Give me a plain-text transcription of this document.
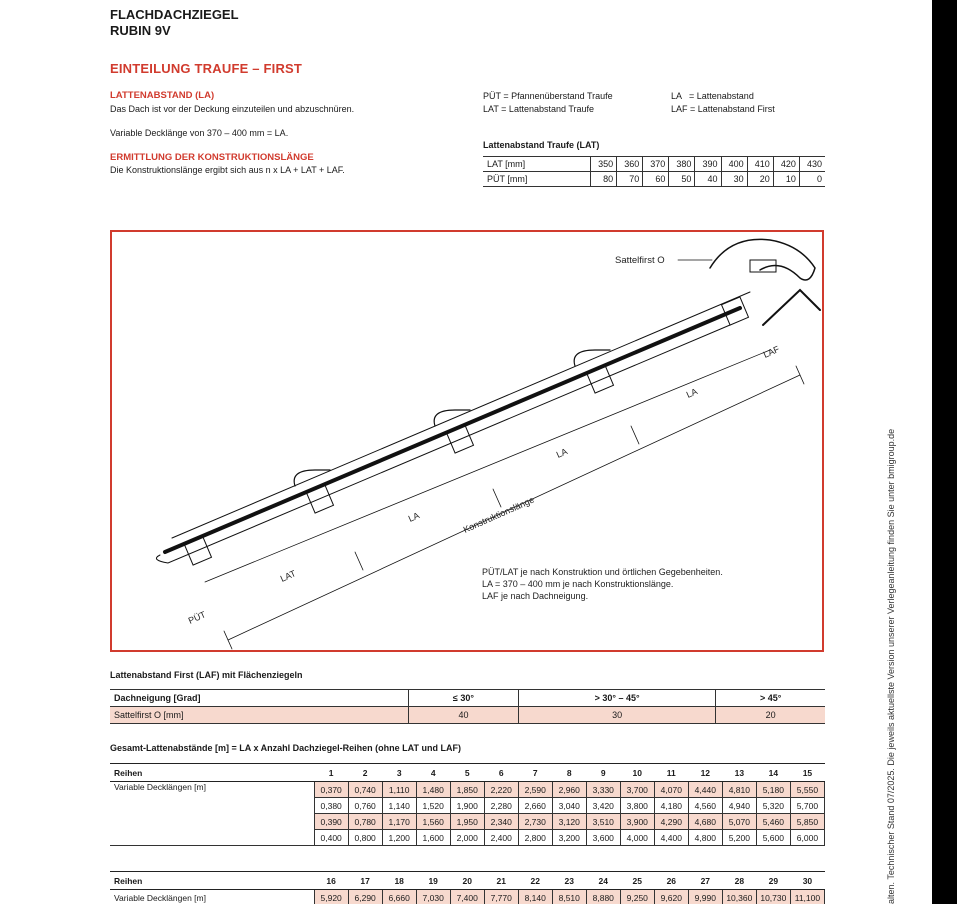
FLACHDACHZIEGEL
RUBIN 9V
EINTEILUNG TRAUFE – FIRST
LATTENABSTAND (LA)
Das Dach ist vor der Deckung einzuteilen und abzuschnüren.
Variable Decklänge von 370 – 400 mm = LA.
ERMITTLUNG DER KONSTRUKTIONSLÄNGE
Die Konstruktionslänge ergibt sich aus n x LA + LAT + LAF.
PÜT = Pfannenüberstand Traufe
LAT = Lattenabstand Traufe
LA   = Lattenabstand
LAF = Lattenabstand First
Lattenabstand Traufe (LAT)
LAT [mm]	350	360	370	380	390	400	410	420	430
PÜT [mm]	80	70	60	50	40	30	20	10	0
Sattelfirst O
LAF
LA
LA
LA
LAT
PÜT
Konstruktionslänge
PÜT/LAT je nach Konstruktion und örtlichen Gegebenheiten.
LA = 370 – 400 mm je nach Konstruktionslänge.
LAF je nach Dachneigung.
Lattenabstand First (LAF) mit Flächenziegeln
Dachneigung [Grad]	≤ 30°	> 30° – 45°	> 45°
Sattelfirst O [mm]	40	30	20
Gesamt-Lattenabstände [m] = LA x Anzahl Dachziegel-Reihen (ohne LAT und LAF)
Reihen	1	2	3	4	5	6	7	8	9	10	11	12	13	14	15
Variable Decklängen [m]	0,370	0,740	1,110	1,480	1,850	2,220	2,590	2,960	3,330	3,700	4,070	4,440	4,810	5,180	5,550
	0,380	0,760	1,140	1,520	1,900	2,280	2,660	3,040	3,420	3,800	4,180	4,560	4,940	5,320	5,700
	0,390	0,780	1,170	1,560	1,950	2,340	2,730	3,120	3,510	3,900	4,290	4,680	5,070	5,460	5,850
	0,400	0,800	1,200	1,600	2,000	2,400	2,800	3,200	3,600	4,000	4,400	4,800	5,200	5,600	6,000
Reihen	16	17	18	19	20	21	22	23	24	25	26	27	28	29	30
Variable Decklängen [m]	5,920	6,290	6,660	7,030	7,400	7,770	8,140	8,510	8,880	9,250	9,620	9,990	10,360	10,730	11,100	alten. Technischer Stand 07/2025. Die jeweils aktuellste Version unserer Verlegeanleitung finden Sie unter bmigroup.de
